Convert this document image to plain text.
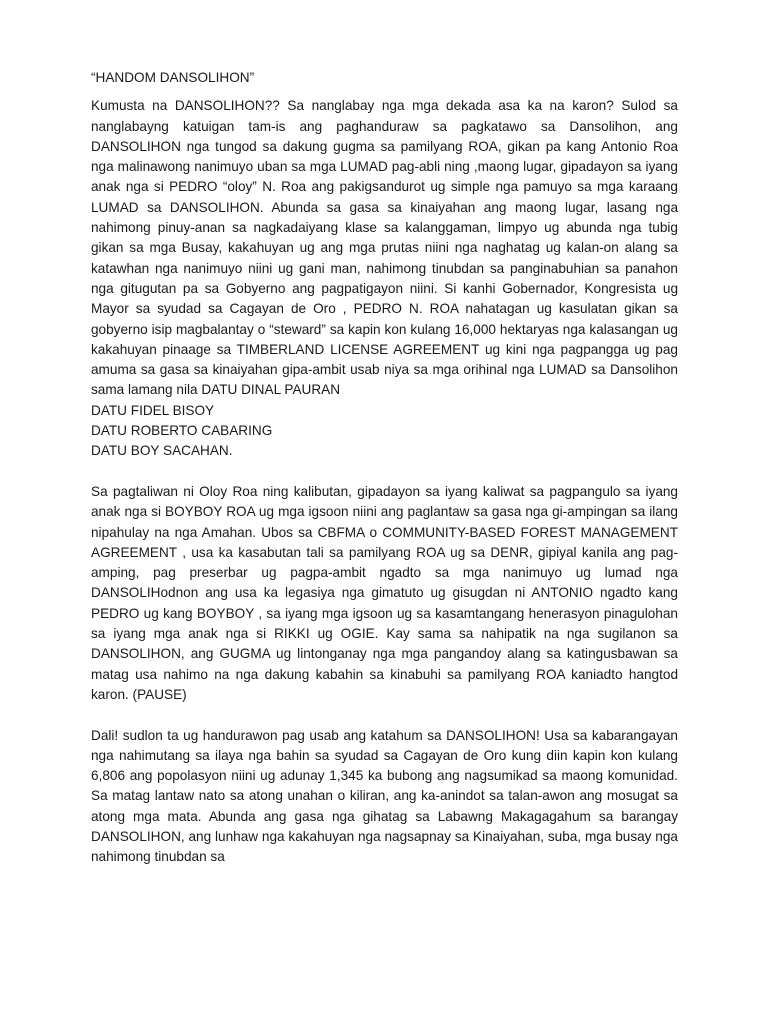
“HANDOM DANSOLIHON”

Kumusta na DANSOLIHON?? Sa nanglabay nga mga dekada asa ka na karon? Sulod sa nanglabayng katuigan tam-is ang paghanduraw sa pagkatawo sa Dansolihon, ang DANSOLIHON nga tungod sa dakung gugma sa pamilyang ROA, gikan pa kang Antonio Roa nga malinawong nanimuyo uban sa mga LUMAD pag-abli ning ,maong lugar, gipadayon sa iyang anak nga si PEDRO “oloy” N. Roa ang pakigsandurot ug simple nga pamuyo sa mga karaang LUMAD sa DANSOLIHON. Abunda sa gasa sa kinaiyahan ang maong lugar, lasang nga nahimong pinuy-anan sa nagkadaiyang klase sa kalanggaman, limpyo ug abunda nga tubig gikan sa mga Busay, kakahuyan ug ang mga prutas niini nga naghatag ug kalan-on alang sa katawhan nga nanimuyo niini ug gani man, nahimong tinubdan sa panginabuhian sa panahon nga gitugutan pa sa Gobyerno ang pagpatigayon niini. Si kanhi Gobernador, Kongresista ug Mayor sa syudad sa Cagayan de Oro , PEDRO N. ROA nahatagan ug kasulatan gikan sa gobyerno isip magbalantay o “steward” sa kapin kon kulang 16,000 hektaryas nga kalasangan ug kakahuyan pinaage sa TIMBERLAND LICENSE AGREEMENT ug kini nga pagpangga ug pag amuma sa gasa sa kinaiyahan gipa-ambit usab niya sa mga orihinal nga LUMAD sa Dansolihon sama lamang nila DATU DINAL PAURAN

DATU FIDEL BISOY
DATU ROBERTO CABARING
DATU BOY SACAHAN.

Sa pagtaliwan ni Oloy Roa ning kalibutan, gipadayon sa iyang kaliwat sa pagpangulo sa iyang anak nga si BOYBOY ROA ug mga igsoon niini ang paglantaw sa gasa nga gi-ampingan sa ilang nipahulay na nga Amahan. Ubos sa CBFMA o COMMUNITY-BASED FOREST MANAGEMENT AGREEMENT , usa ka kasabutan tali sa pamilyang ROA ug sa DENR, gipiyal kanila ang pag-amping, pag preserbar ug pagpa-ambit ngadto sa mga nanimuyo ug lumad nga DANSOLIHodnon ang usa ka legasiya nga gimatuto ug gisugdan ni ANTONIO ngadto kang PEDRO ug kang BOYBOY , sa iyang mga igsoon ug sa kasamtangang henerasyon pinagulohan sa iyang mga anak nga si RIKKI ug OGIE. Kay sama sa nahipatik na nga sugilanon sa DANSOLIHON, ang GUGMA ug lintonganay nga mga pangandoy alang sa katingusbawan sa matag usa nahimo na nga dakung kabahin sa kinabuhi sa pamilyang ROA kaniadto hangtod karon. (PAUSE)

Dali! sudlon ta ug handurawon pag usab ang katahum sa DANSOLIHON! Usa sa kabarangayan nga nahimutang sa ilaya nga bahin sa syudad sa Cagayan de Oro kung diin kapin kon kulang 6,806 ang popolasyon niini ug adunay 1,345 ka bubong ang nagsumikad sa maong komunidad. Sa matag lantaw nato sa atong unahan o kiliran, ang ka-anindot sa talan-awon ang mosugat sa atong mga mata. Abunda ang gasa nga gihatag sa Labawng Makagagahum sa barangay DANSOLIHON, ang lunhaw nga kakahuyan nga nagsapnay sa Kinaiyahan, suba, mga busay nga nahimong tinubdan sa
